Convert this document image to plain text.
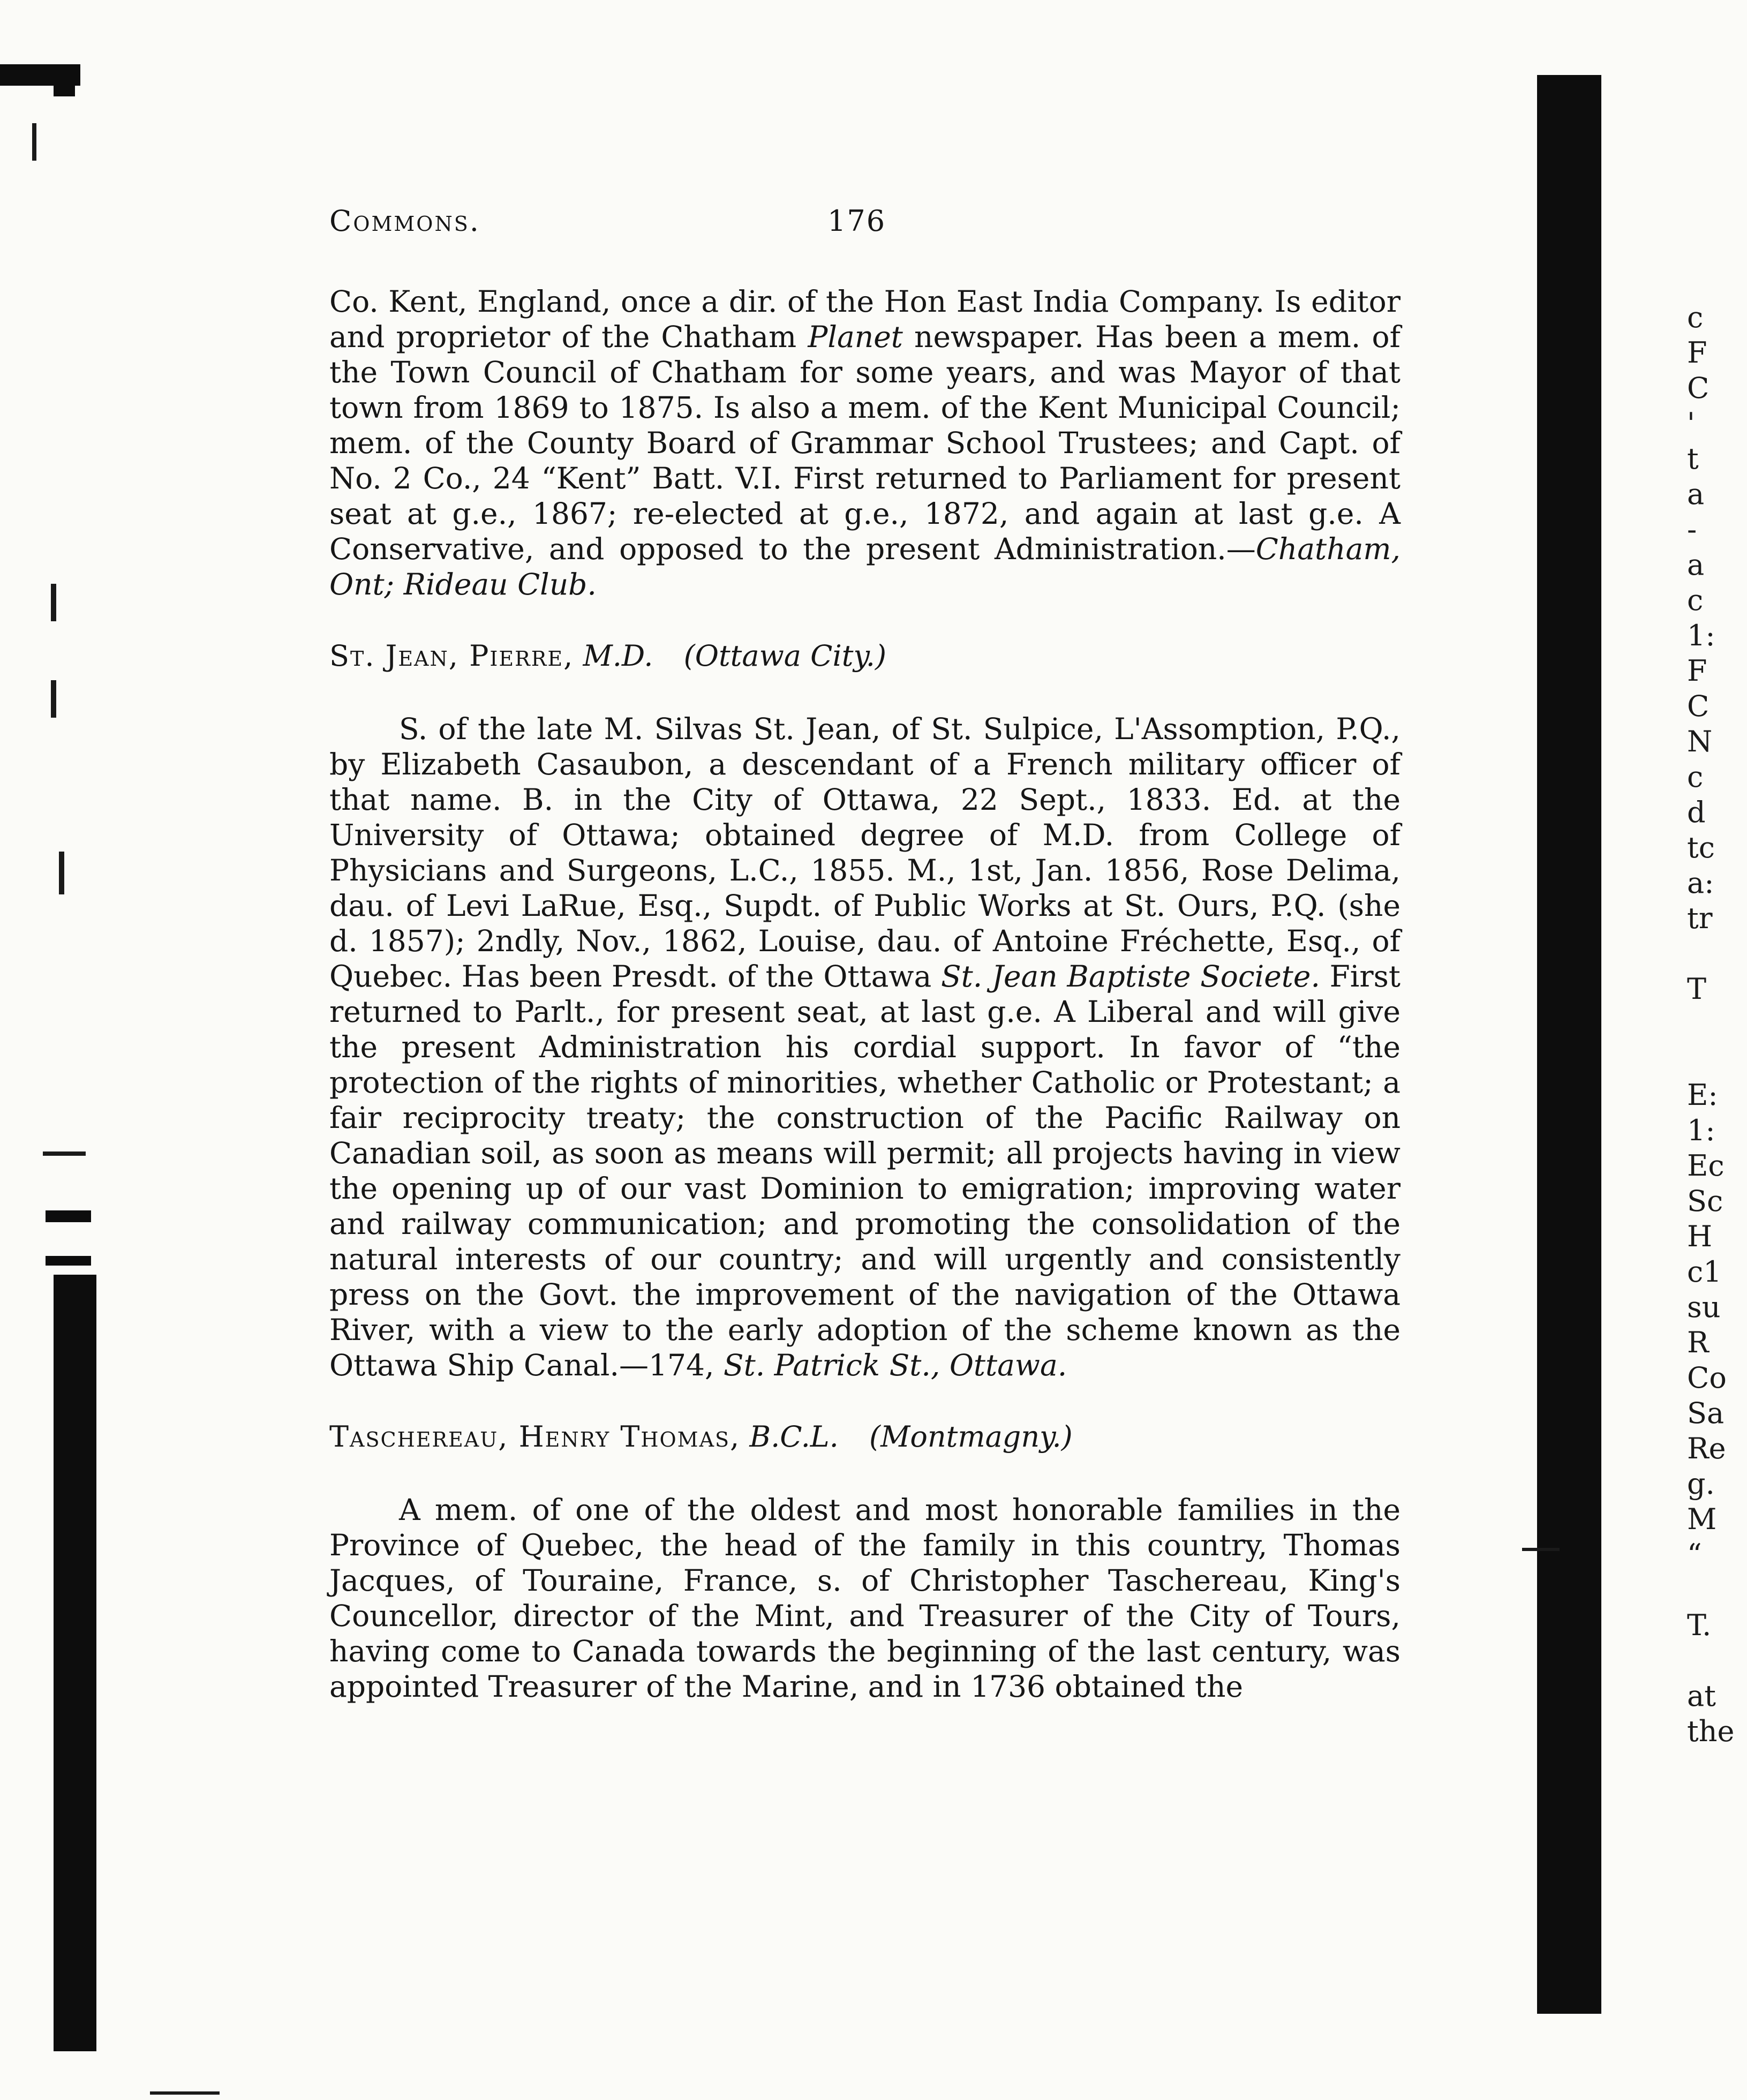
c
F
C
'
t
a
-
a
c
1:
F
C
N
c
d
tc
a:
tr
T
E:
1:
Ec
Sc
H
c1
su
R
Co
Sa
Re
g.
M
“
T.
at
the
Commons.	176

Co. Kent, England, once a dir. of the Hon East India Company. Is editor and proprietor of the Chatham Planet newspaper. Has been a mem. of the Town Council of Chatham for some years, and was Mayor of that town from 1869 to 1875. Is also a mem. of the Kent Municipal Council; mem. of the County Board of Grammar School Trustees; and Capt. of No. 2 Co., 24 “Kent” Batt. V.I. First returned to Parliament for present seat at g.e., 1867; re-elected at g.e., 1872, and again at last g.e. A Conservative, and opposed to the present Administration.—Chatham, Ont; Rideau Club.

St. Jean, Pierre, M.D. (Ottawa City.)

S. of the late M. Silvas St. Jean, of St. Sulpice, L'Assomption, P.Q., by Elizabeth Casaubon, a descendant of a French military officer of that name. B. in the City of Ottawa, 22 Sept., 1833. Ed. at the University of Ottawa; obtained degree of M.D. from College of Physicians and Surgeons, L.C., 1855. M., 1st, Jan. 1856, Rose Delima, dau. of Levi LaRue, Esq., Supdt. of Public Works at St. Ours, P.Q. (she d. 1857); 2ndly, Nov., 1862, Louise, dau. of Antoine Fréchette, Esq., of Quebec. Has been Presdt. of the Ottawa St. Jean Baptiste Societe. First returned to Parlt., for present seat, at last g.e. A Liberal and will give the present Administration his cordial support. In favor of “the protection of the rights of minorities, whether Catholic or Protestant; a fair reciprocity treaty; the construction of the Pacific Railway on Canadian soil, as soon as means will permit; all projects having in view the opening up of our vast Dominion to emigration; improving water and railway communication; and promoting the consolidation of the natural interests of our country; and will urgently and consistently press on the Govt. the improvement of the navigation of the Ottawa River, with a view to the early adoption of the scheme known as the Ottawa Ship Canal.—174, St. Patrick St., Ottawa.

Taschereau, Henry Thomas, B.C.L. (Montmagny.)

A mem. of one of the oldest and most honorable families in the Province of Quebec, the head of the family in this country, Thomas Jacques, of Touraine, France, s. of Christopher Taschereau, King's Councellor, director of the Mint, and Treasurer of the City of Tours, having come to Canada towards the beginning of the last century, was appointed Treasurer of the Marine, and in 1736 obtained the
